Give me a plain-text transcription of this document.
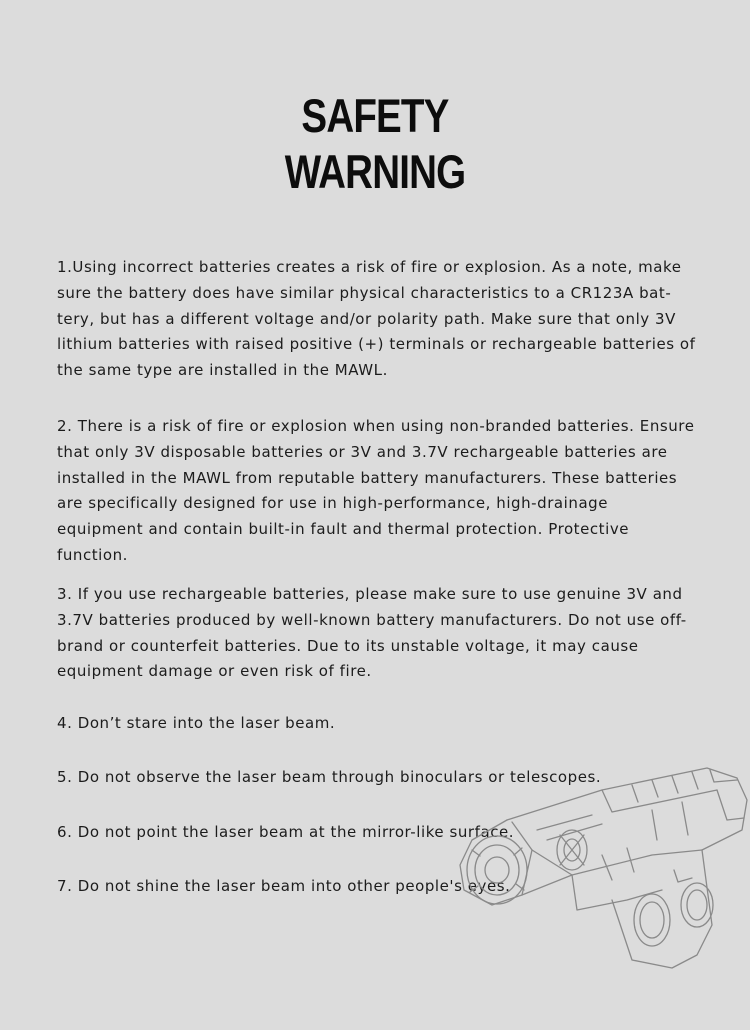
SAFETY
WARNING

1.Using incorrect batteries creates a risk of fire or explosion. As a note, make sure the battery does have similar physical characteristics to a CR123A bat-tery, but has a different voltage and/or polarity path. Make sure that only 3V lithium batteries with raised positive (+) terminals or rechargeable batteries of the same type are installed in the MAWL.

2. There is a risk of fire or explosion when using non-branded batteries. Ensure that only 3V disposable batteries or 3V and 3.7V rechargeable batteries are installed in the MAWL from reputable battery manufacturers. These batteries are specifically designed for use in high-performance, high-drainage equipment and contain built-in fault and thermal protection. Protective function.

3. If you use rechargeable batteries, please make sure to use genuine 3V and 3.7V batteries produced by well-known battery manufacturers. Do not use off-brand or counterfeit batteries. Due to its unstable voltage, it may cause equipment damage or even risk of fire.

4. Don’t stare into the laser beam.

5. Do not observe the laser beam through binoculars or telescopes.

6. Do not point the laser beam at the mirror-like surface.

7. Do not shine the laser beam into other people's eyes.
